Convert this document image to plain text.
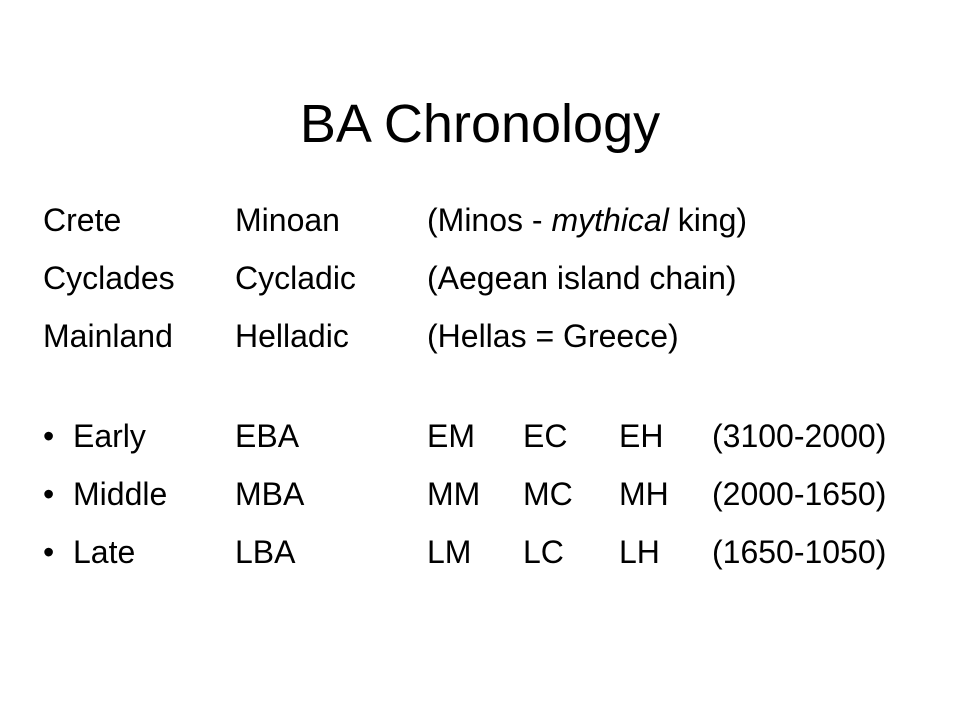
BA Chronology
Crete	Minoan	(Minos - mythical king)
Cyclades Cycladic (Aegean island chain)
Mainland Helladic (Hellas = Greece)
• Early	EBA	EM EC EH (3100-2000)
• Middle MBA	MM MC MH (2000-1650)
• Late	LBA	LM LC LH (1650-1050)
